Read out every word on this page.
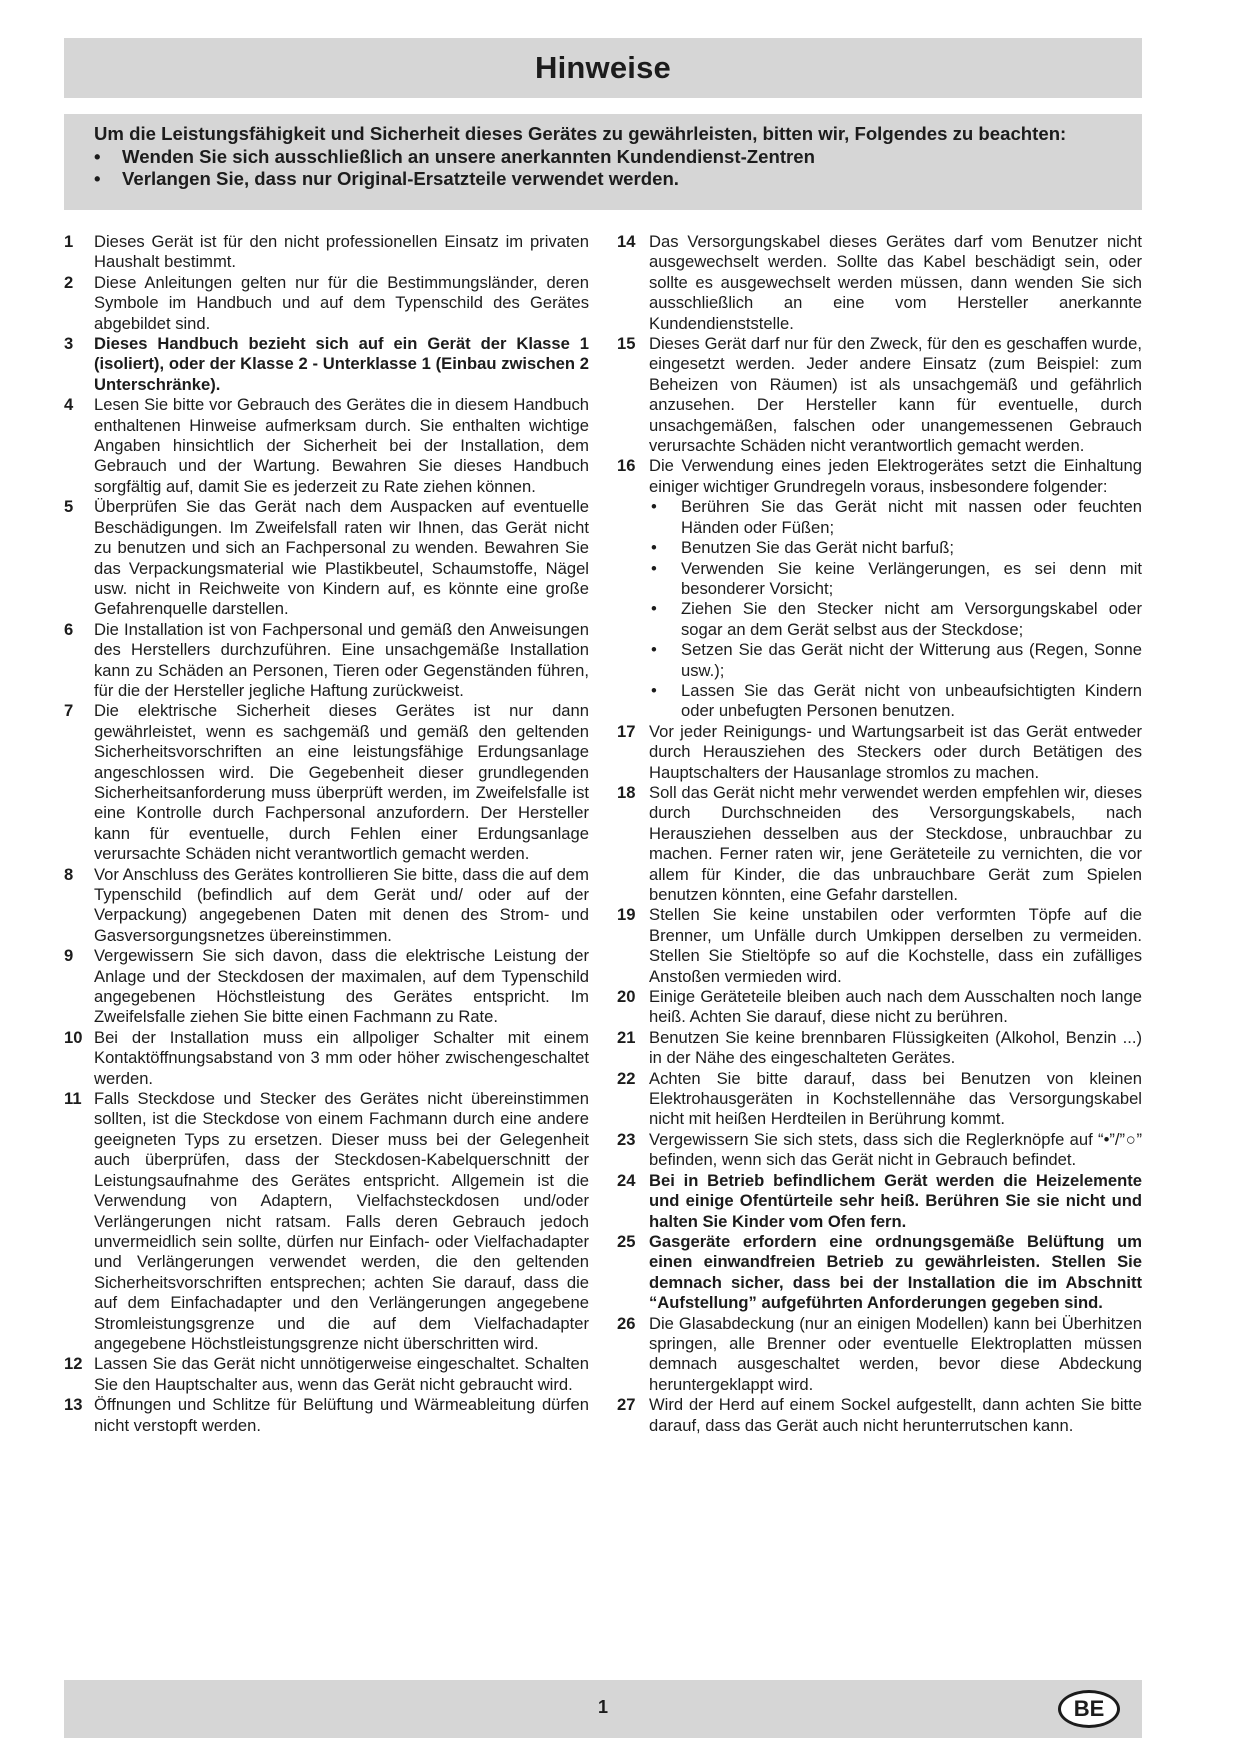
Hinweise
Um die Leistungsfähigkeit und Sicherheit dieses Gerätes zu gewährleisten, bitten wir, Folgendes zu beachten:
•	Wenden Sie sich ausschließlich an unsere anerkannten Kundendienst-Zentren
•	Verlangen Sie, dass nur Original-Ersatzteile verwendet werden.
1	Dieses Gerät ist für den nicht professionellen Einsatz im privaten Haushalt bestimmt.
2	Diese Anleitungen gelten nur für die Bestimmungsländer, deren Symbole im Handbuch und auf dem Typenschild des Gerätes abgebildet sind.
3	Dieses Handbuch bezieht sich auf ein Gerät der Klasse 1 (isoliert), oder der Klasse 2 - Unterklasse 1 (Einbau zwischen 2 Unterschränke).
4	Lesen Sie bitte vor Gebrauch des Gerätes die in diesem Handbuch enthaltenen Hinweise aufmerksam durch. Sie enthalten wichtige Angaben hinsichtlich der Sicherheit bei der Installation, dem Gebrauch und der Wartung. Bewahren Sie dieses Handbuch sorgfältig auf, damit Sie es jederzeit zu Rate ziehen können.
5	Überprüfen Sie das Gerät nach dem Auspacken auf eventuelle Beschädigungen. Im Zweifelsfall raten wir Ihnen, das Gerät nicht zu benutzen und sich an Fachpersonal zu wenden. Bewahren Sie das Verpackungsmaterial wie Plastikbeutel, Schaumstoffe, Nägel usw. nicht in Reichweite von Kindern auf, es könnte eine große Gefahrenquelle darstellen.
6	Die Installation ist von Fachpersonal und gemäß den Anweisungen des Herstellers durchzuführen. Eine unsachgemäße Installation kann zu Schäden an Personen, Tieren oder Gegenständen führen, für die der Hersteller jegliche Haftung zurückweist.
7	Die elektrische Sicherheit dieses Gerätes ist nur dann gewährleistet, wenn es sachgemäß und gemäß den geltenden Sicherheitsvorschriften an eine leistungsfähige Erdungsanlage angeschlossen wird. Die Gegebenheit dieser grundlegenden Sicherheitsanforderung muss überprüft werden, im Zweifelsfalle ist eine Kontrolle durch Fachpersonal anzufordern. Der Hersteller kann für eventuelle, durch Fehlen einer Erdungsanlage verursachte Schäden nicht verantwortlich gemacht werden.
8	Vor Anschluss des Gerätes kontrollieren Sie bitte, dass die auf dem Typenschild (befindlich auf dem Gerät und/ oder auf der Verpackung) angegebenen Daten mit denen des Strom- und Gasversorgungsnetzes übereinstimmen.
9	Vergewissern Sie sich davon, dass die elektrische Leistung der Anlage und der Steckdosen der maximalen, auf dem Typenschild angegebenen Höchstleistung des Gerätes entspricht. Im Zweifelsfalle ziehen Sie bitte einen Fachmann zu Rate.
10 Bei der Installation muss ein allpoliger Schalter mit einem Kontaktöffnungsabstand von 3 mm oder höher zwischengeschaltet werden.
11 Falls Steckdose und Stecker des Gerätes nicht übereinstimmen sollten, ist die Steckdose von einem Fachmann durch eine andere geeigneten Typs zu ersetzen. Dieser muss bei der Gelegenheit auch überprüfen, dass der Steckdosen-Kabelquerschnitt der Leistungsaufnahme des Gerätes entspricht. Allgemein ist die Verwendung von Adaptern, Vielfachsteckdosen und/oder Verlängerungen nicht ratsam. Falls deren Gebrauch jedoch unvermeidlich sein sollte, dürfen nur Einfach- oder Vielfachadapter und Verlängerungen verwendet werden, die den geltenden Sicherheitsvorschriften entsprechen; achten Sie darauf, dass die auf dem Einfachadapter und den Verlängerungen angegebene Stromleistungsgrenze und die auf dem Vielfachadapter angegebene Höchstleistungsgrenze nicht überschritten wird.
12 Lassen Sie das Gerät nicht unnötigerweise eingeschaltet. Schalten Sie den Hauptschalter aus, wenn das Gerät nicht gebraucht wird.
13 Öffnungen und Schlitze für Belüftung und Wärmeableitung dürfen nicht verstopft werden.
14 Das Versorgungskabel dieses Gerätes darf vom Benutzer nicht ausgewechselt werden. Sollte das Kabel beschädigt sein, oder sollte es ausgewechselt werden müssen, dann wenden Sie sich ausschließlich an eine vom Hersteller anerkannte Kundendienststelle.
15 Dieses Gerät darf nur für den Zweck, für den es geschaffen wurde, eingesetzt werden. Jeder andere Einsatz (zum Beispiel: zum Beheizen von Räumen) ist als unsachgemäß und gefährlich anzusehen. Der Hersteller kann für eventuelle, durch unsachgemäßen, falschen oder unangemessenen Gebrauch verursachte Schäden nicht verantwortlich gemacht werden.
16 Die Verwendung eines jeden Elektrogerätes setzt die Einhaltung einiger wichtiger Grundregeln voraus, insbesondere folgender:
•	Berühren Sie das Gerät nicht mit nassen oder feuchten Händen oder Füßen;
•	Benutzen Sie das Gerät nicht barfuß;
•	Verwenden Sie keine Verlängerungen, es sei denn mit besonderer Vorsicht;
•	Ziehen Sie den Stecker nicht am Versorgungskabel oder sogar an dem Gerät selbst aus der Steckdose;
•	Setzen Sie das Gerät nicht der Witterung aus (Regen, Sonne usw.);
•	Lassen Sie das Gerät nicht von unbeaufsichtigten Kindern oder unbefugten Personen benutzen.
17 Vor jeder Reinigungs- und Wartungsarbeit ist das Gerät entweder durch Herausziehen des Steckers oder durch Betätigen des Hauptschalters der Hausanlage stromlos zu machen.
18 Soll das Gerät nicht mehr verwendet werden empfehlen wir, dieses durch Durchschneiden des Versorgungskabels, nach Herausziehen desselben aus der Steckdose, unbrauchbar zu machen. Ferner raten wir, jene Geräteteile zu vernichten, die vor allem für Kinder, die das unbrauchbare Gerät zum Spielen benutzen könnten, eine Gefahr darstellen.
19 Stellen Sie keine unstabilen oder verformten Töpfe auf die Brenner, um Unfälle durch Umkippen derselben zu vermeiden. Stellen Sie Stieltöpfe so auf die Kochstelle, dass ein zufälliges Anstoßen vermieden wird.
20 Einige Geräteteile bleiben auch nach dem Ausschalten noch lange heiß. Achten Sie darauf, diese nicht zu berühren.
21 Benutzen Sie keine brennbaren Flüssigkeiten (Alkohol, Benzin ...) in der Nähe des eingeschalteten Gerätes.
22 Achten Sie bitte darauf, dass bei Benutzen von kleinen Elektrohausgeräten in Kochstellennähe das Versorgungskabel nicht mit heißen Herdteilen in Berührung kommt.
23 Vergewissern Sie sich stets, dass sich die Reglerknöpfe auf “•”/”○” befinden, wenn sich das Gerät nicht in Gebrauch befindet.
24 Bei in Betrieb befindlichem Gerät werden die Heizelemente und einige Ofentürteile sehr heiß. Berühren Sie sie nicht und halten Sie Kinder vom Ofen fern.
25 Gasgeräte erfordern eine ordnungsgemäße Belüftung um einen einwandfreien Betrieb zu gewährleisten. Stellen Sie demnach sicher, dass bei der Installation die im Abschnitt “Aufstellung” aufgeführten Anforderungen gegeben sind.
26 Die Glasabdeckung (nur an einigen Modellen) kann bei Überhitzen springen, alle Brenner oder eventuelle Elektroplatten müssen demnach ausgeschaltet werden, bevor diese Abdeckung heruntergeklappt wird.
27 Wird der Herd auf einem Sockel aufgestellt, dann achten Sie bitte darauf, dass das Gerät auch nicht herunterrutschen kann.
1	BE
